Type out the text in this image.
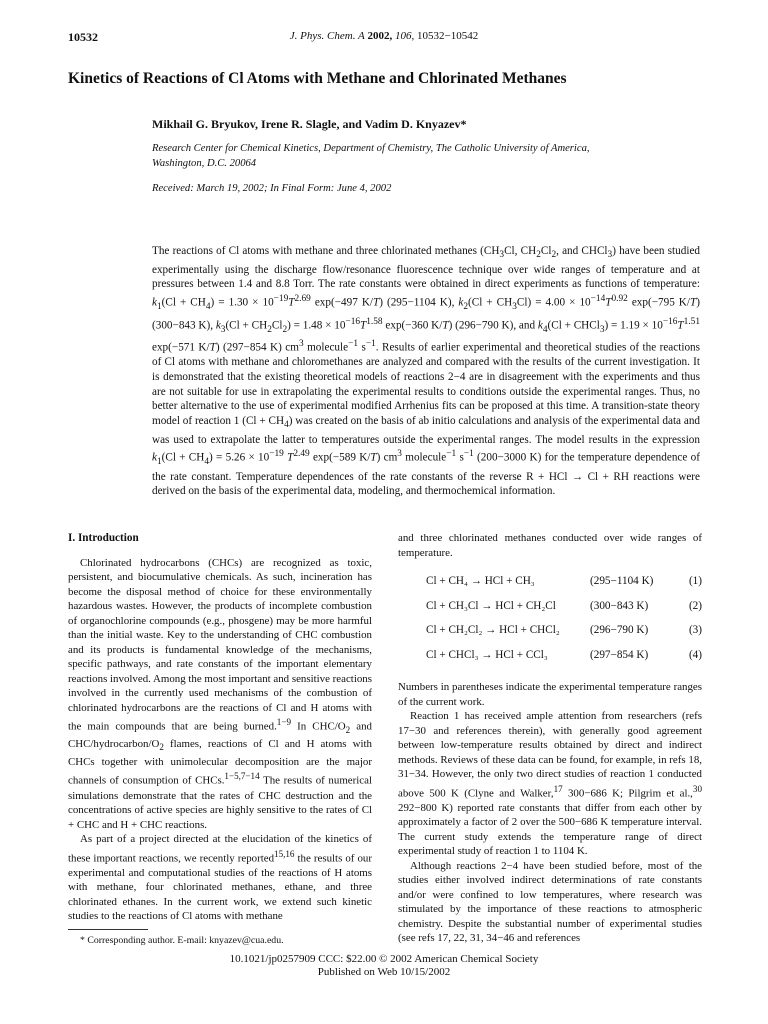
10532	J. Phys. Chem. A 2002, 106, 10532−10542
Kinetics of Reactions of Cl Atoms with Methane and Chlorinated Methanes
Mikhail G. Bryukov, Irene R. Slagle, and Vadim D. Knyazev*
Research Center for Chemical Kinetics, Department of Chemistry, The Catholic University of America,
Washington, D.C. 20064
Received: March 19, 2002; In Final Form: June 4, 2002

The reactions of Cl atoms with methane and three chlorinated methanes ($CH_3Cl$, $CH_2Cl_2$, and CHCl$_3$) have been studied experimentally using the discharge flow/resonance fluorescence technique over wide ranges of temperature and at pressures between 1.4 and 8.8 Torr. The rate constants were obtained in direct experiments as functions of temperature: $k_1(Cl + CH_4) = 1.30 \times 10^{-19}T^{2.69}$ exp(−497 K/T) (295−1104 K), $k_2(Cl + CH_3Cl) = 4.00 \times 10^{-14}T^{0.92}$ exp(−795 K/T) (300−843 K), $k_3(Cl + CH_2Cl_2) = 1.48 \times 10^{-16}T^{1.58}$ exp(−360 K/T) (296−790 K), and $k_4(Cl$ + CHCl$_3$) = $1.19 \times 10^{-16}T^{1.51}$ exp(−571 K/T) (297−854 K) $cm^3$ molecule$^{-1}$ $s^{-1}$. Results of earlier experimental and theoretical studies of the reactions of Cl atoms with methane and chloromethanes are analyzed and compared with the results of the current investigation. It is demonstrated that the existing theoretical models of reactions 2−4 are in disagreement with the experiments and thus are not suitable for use in extrapolating the experimental results to conditions outside the experimental ranges. Thus, no better alternative to the use of experimental modified Arrhenius fits can be proposed at this time. A transition-state theory model of reaction 1 $(Cl + CH_4)$ was created on the basis of ab initio calculations and analysis of the experimental data and was used to extrapolate the latter to temperatures outside the experimental ranges. The model results in the expression $k_1(Cl + CH_4) = 5.26 \times 10^{-19}$ $T^{2.49}$ exp(−589 K/T) $cm^3$ molecule$^{-1}$ $s^{-1}$ (200−3000 K) for the temperature dependence of the rate constant. Temperature dependences of the rate constants of the reverse R + HCl → Cl + RH reactions were derived on the basis of the experimental data, modeling, and thermochemical information.

I. Introduction

Chlorinated hydrocarbons (CHCs) are recognized as toxic, persistent, and biocumulative chemicals. As such, incineration has become the disposal method of choice for these environmentally hazardous wastes. However, the products of incomplete combustion of organochlorine compounds (e.g., phosgene) may be more harmful than the initial waste. Key to the understanding of CHC combustion and its products is fundamental knowledge of the mechanisms, specific pathways, and rate constants of the important elementary reactions involved. Among the most important and sensitive reactions involved in the currently used mechanisms of the combustion of chlorinated hydrocarbons are the reactions of Cl and H atoms with the main compounds that are being burned.$^{1-9}$ In CHC/$O_2$ and CHC/$hydrocarbon/O_2$ flames, reactions of Cl and H atoms with CHCs together with unimolecular decomposition are the major channels of consumption of CHCs.$^{1-5,7-14}$ The results of numerical simulations demonstrate that the rates of CHC destruction and the concentrations of active species are highly sensitive to the rates of Cl + CHC and H + CHC reactions.

As part of a project directed at the elucidation of the kinetics of these important reactions, we recently reported$^{15,16}$ the results of our experimental and computational studies of the reactions of H atoms with methane, four chlorinated methanes, ethane, and three chlorinated ethanes. In the current work, we extend such kinetic studies to the reactions of Cl atoms with methane

and three chlorinated methanes conducted over wide ranges of temperature.

Cl + CH₄ → HCl + CH₃	(295−1104 K)	(1)
Cl + CH₃Cl → HCl + CH₂Cl	(300−843 K)	(2)
Cl + CH₂Cl₂ → HCl + CHCl₂	(296−790 K)	(3)
Cl + CHCl₃ → HCl + CCl₃	(297−854 K)	(4)

Numbers in parentheses indicate the experimental temperature ranges of the current work.

Reaction 1 has received ample attention from researchers (refs 17−30 and references therein), with generally good agreement between low-temperature results obtained by direct and indirect methods. Reviews of these data can be found, for example, in refs 18, 31−34. However, the only two direct studies of reaction 1 conducted above 500 K (Clyne and Walker,$^{17}$ 300−686 K; Pilgrim et al.,$^{30}$ 292−800 K) reported rate constants that differ from each other by approximately a factor of 2 over the 500−686 K temperature interval. The current study extends the temperature range of direct experimental study of reaction 1 to 1104 K.

Although reactions 2−4 have been studied before, most of the studies either involved indirect determinations of rate constants and/or were confined to low temperatures, where research was stimulated by the importance of these reactions to atmospheric chemistry. Despite the substantial number of experimental studies (see refs 17, 22, 31, 34−46 and references

* Corresponding author. E-mail: knyazev@cua.edu.
10.1021/jp0257909 CCC: $22.00 © 2002 American Chemical Society
Published on Web 10/15/2002
